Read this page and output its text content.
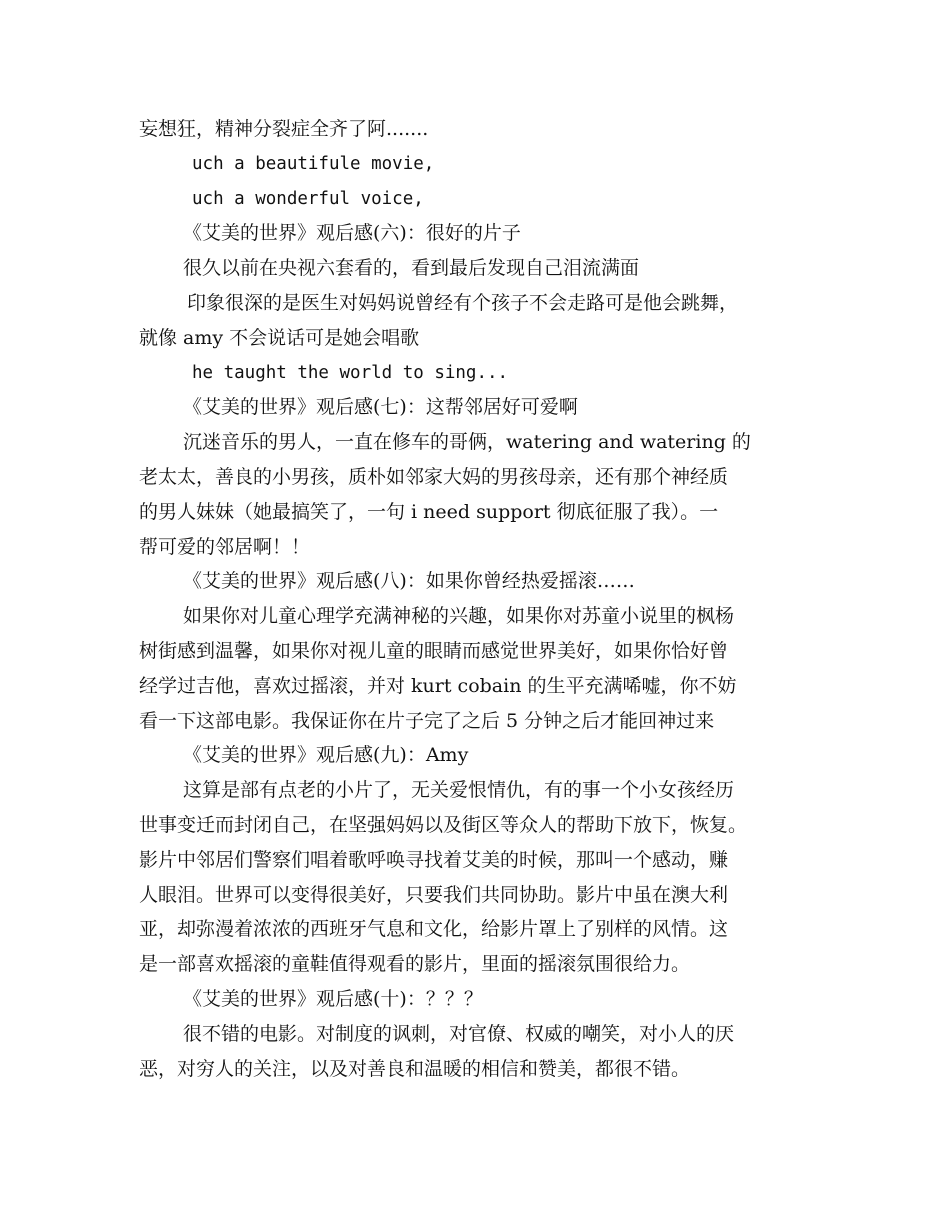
妄想狂，精神分裂症全齐了阿.......
uch a beautifule movie,
uch a wonderful voice,
《艾美的世界》观后感(六)：很好的片子
很久以前在央视六套看的，看到最后发现自己泪流满面
印象很深的是医生对妈妈说曾经有个孩子不会走路可是他会跳舞，
就像 amy 不会说话可是她会唱歌
he taught the world to sing...
《艾美的世界》观后感(七)：这帮邻居好可爱啊
沉迷音乐的男人，一直在修车的哥俩，watering and watering 的
老太太，善良的小男孩，质朴如邻家大妈的男孩母亲，还有那个神经质
的男人妹妹（她最搞笑了，一句 i need support 彻底征服了我）。一
帮可爱的邻居啊！！
《艾美的世界》观后感(八)：如果你曾经热爱摇滚……
如果你对儿童心理学充满神秘的兴趣，如果你对苏童小说里的枫杨
树街感到温馨，如果你对视儿童的眼睛而感觉世界美好，如果你恰好曾
经学过吉他，喜欢过摇滚，并对 kurt cobain 的生平充满唏嘘，你不妨
看一下这部电影。我保证你在片子完了之后 5 分钟之后才能回神过来
《艾美的世界》观后感(九)：Amy
这算是部有点老的小片了，无关爱恨情仇，有的事一个小女孩经历
世事变迁而封闭自己，在坚强妈妈以及街区等众人的帮助下放下，恢复。
影片中邻居们警察们唱着歌呼唤寻找着艾美的时候，那叫一个感动，赚
人眼泪。世界可以变得很美好，只要我们共同协助。影片中虽在澳大利
亚，却弥漫着浓浓的西班牙气息和文化，给影片罩上了别样的风情。这
是一部喜欢摇滚的童鞋值得观看的影片，里面的摇滚氛围很给力。
《艾美的世界》观后感(十)：？？？
很不错的电影。对制度的讽刺，对官僚、权威的嘲笑，对小人的厌
恶，对穷人的关注，以及对善良和温暖的相信和赞美，都很不错。
